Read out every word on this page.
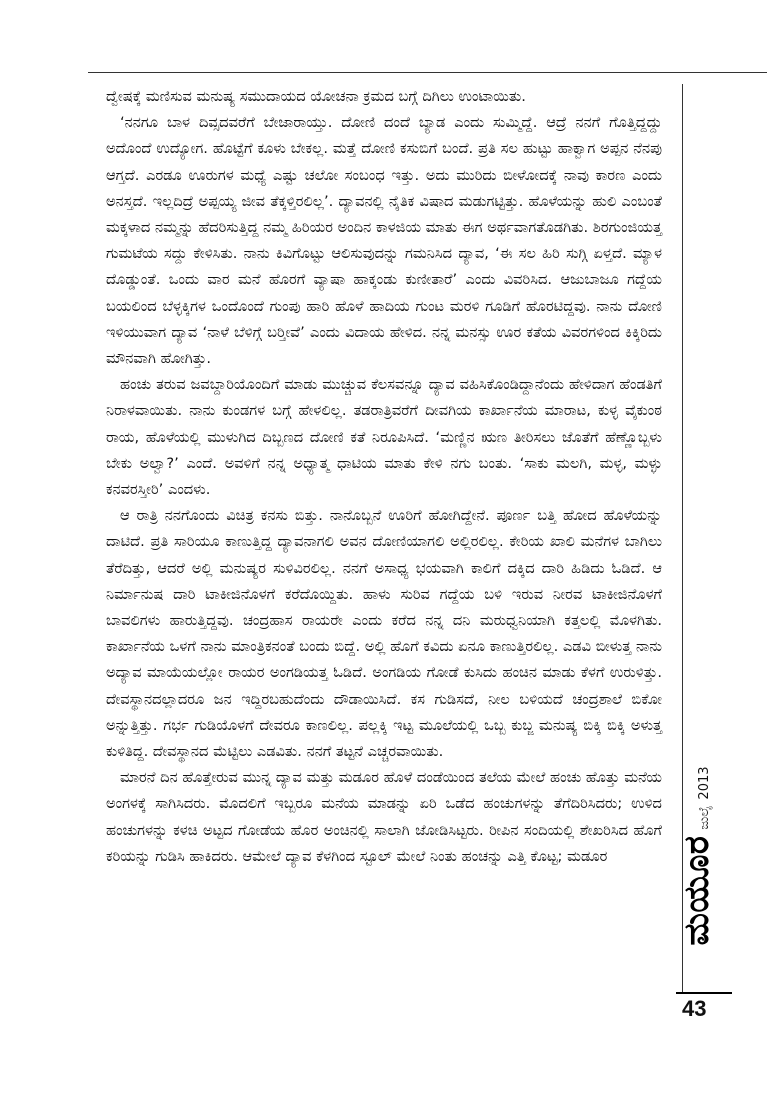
ದ್ವೇಷಕ್ಕೆ ಮಣಿಸುವ ಮನುಷ್ಯ ಸಮುದಾಯದ ಯೋಚನಾ ಕ್ರಮದ ಬಗ್ಗೆ ದಿಗಿಲು ಉಂಟಾಯಿತು.

‘ನನಗೂ ಬಾಳ ದಿವ್ಸದವರೆಗೆ ಬೇಜಾರಾಯ್ತು. ದೋಣಿ ದಂದೆ ಬ್ಯಾಡ ಎಂದು ಸುಮ್ಮಿದ್ದೆ. ಆದ್ರೆ ನನಗೆ ಗೊತ್ತಿದ್ದದ್ದು ಅದೊಂದೆ ಉದ್ಯೋಗ. ಹೊಟ್ಟೆಗೆ ಕೂಳು ಬೇಕಲ್ಲ. ಮತ್ತೆ ದೋಣಿ ಕಸುಬಿಗೆ ಬಂದೆ. ಪ್ರತಿ ಸಲ ಹುಟ್ಟು ಹಾಕ್ವಾಗ ಅಪ್ಪನ ನೆನಪು ಆಗ್ತದೆ. ಎರಡೂ ಊರುಗಳ ಮಧ್ಯೆ ಎಷ್ಟು ಚಲೋ ಸಂಬಂಧ ಇತ್ತು. ಅದು ಮುರಿದು ಬೀಳೋದಕ್ಕೆ ನಾವು ಕಾರಣ ಎಂದು ಅನಸ್ತದೆ. ಇಲ್ಲದಿದ್ರೆ ಅಪ್ಪಯ್ಯ ಜೀವ ತೆಕ್ಕಳ್ತಿರಲಿಲ್ಲ’. ದ್ಯಾವನಲ್ಲಿ ನೈತಿಕ ವಿಷಾದ ಮಡುಗಟ್ಟಿತ್ತು. ಹೊಳೆಯನ್ನು ಹುಲಿ ಎಂಬಂತೆ ಮಕ್ಕಳಾದ ನಮ್ಮನ್ನು ಹೆದರಿಸುತ್ತಿದ್ದ ನಮ್ಮ ಹಿರಿಯರ ಅಂದಿನ ಕಾಳಜಿಯ ಮಾತು ಈಗ ಅರ್ಥವಾಗತೊಡಗಿತು. ಶಿರಗುಂಜಿಯತ್ತ ಗುಮಟೆಯ ಸದ್ದು ಕೇಳಿಸಿತು. ನಾನು ಕಿವಿಗೊಟ್ಟು ಆಲಿಸುವುದನ್ನು ಗಮನಿಸಿದ ದ್ಯಾವ, ‘ಈ ಸಲ ಹಿರಿ ಸುಗ್ಗಿ ಏಳ್ತದೆ. ಮ್ಯಾಳ ದೊಡ್ಡುಂತೆ. ಒಂದು ವಾರ ಮನೆ ಹೊರಗೆ ವ್ಯಾಷಾ ಹಾಕ್ಕಂಡು ಕುಣೀತಾರೆ’ ಎಂದು ವಿವರಿಸಿದ. ಆಜುಬಾಜೂ ಗದ್ದೆಯ ಬಯಲಿಂದ ಬೆಳ್ಳಕ್ಕಿಗಳ ಒಂದೊಂದೆ ಗುಂಪು ಹಾರಿ ಹೊಳೆ ಹಾದಿಯ ಗುಂಟ ಮರಳಿ ಗೂಡಿಗೆ ಹೊರಟಿದ್ದವು. ನಾನು ದೋಣಿ ಇಳಿಯುವಾಗ ದ್ಯಾವ ‘ನಾಳೆ ಬೆಳಿಗ್ಗೆ ಬರ್‍ತೀವೆ’ ಎಂದು ವಿದಾಯ ಹೇಳಿದ. ನನ್ನ ಮನಸ್ಸು ಊರ ಕತೆಯ ವಿವರಗಳಿಂದ ಕಿಕ್ಕಿರಿದು ಮೌನವಾಗಿ ಹೋಗಿತ್ತು.

ಹಂಚು ತರುವ ಜವಬ್ದಾರಿಯೊಂದಿಗೆ ಮಾಡು ಮುಚ್ಚುವ ಕೆಲಸವನ್ನೂ ದ್ಯಾವ ವಹಿಸಿಕೊಂಡಿದ್ದಾನೆಂದು ಹೇಳಿದಾಗ ಹೆಂಡತಿಗೆ ನಿರಾಳವಾಯಿತು. ನಾನು ಕುಂಡಗಳ ಬಗ್ಗೆ ಹೇಳಲಿಲ್ಲ. ತಡರಾತ್ರಿವರೆಗೆ ದೀವಗಿಯ ಕಾರ್ಖಾನೆಯ ಮಾರಾಟ, ಕುಳ್ಳ ವೈಕುಂಠ ರಾಯ, ಹೊಳೆಯಲ್ಲಿ ಮುಳುಗಿದ ದಿಬ್ಬಣದ ದೋಣಿ ಕತೆ ನಿರೂಪಿಸಿದೆ. ‘ಮಣ್ಣಿನ ಋಣ ತೀರಿಸಲು ಜೊತೆಗೆ ಹೆಣ್ಣೊಬ್ಬಳು ಬೇಕು ಅಲ್ವಾ?’ ಎಂದೆ. ಅವಳಿಗೆ ನನ್ನ ಅಧ್ಯಾತ್ಮ ಧಾಟಿಯ ಮಾತು ಕೇಳಿ ನಗು ಬಂತು. ‘ಸಾಕು ಮಲಗಿ, ಮಳ್ಳ, ಮಳ್ಳು ಕನವರಸ್ತೀರಿ’ ಎಂದಳು.

ಆ ರಾತ್ರಿ ನನಗೊಂದು ವಿಚಿತ್ರ ಕನಸು ಬಿತ್ತು. ನಾನೊಬ್ಬನೆ ಊರಿಗೆ ಹೋಗಿದ್ದೇನೆ. ಪೂರ್ಣ ಬತ್ತಿ ಹೋದ ಹೊಳೆಯನ್ನು ದಾಟಿದೆ. ಪ್ರತಿ ಸಾರಿಯೂ ಕಾಣುತ್ತಿದ್ದ ದ್ಯಾವನಾಗಲಿ ಅವನ ದೋಣಿಯಾಗಲಿ ಅಲ್ಲಿರಲಿಲ್ಲ. ಕೇರಿಯ ಖಾಲಿ ಮನೆಗಳ ಬಾಗಿಲು ತೆರೆದಿತ್ತು, ಆದರೆ ಅಲ್ಲಿ ಮನುಷ್ಯರ ಸುಳಿವಿರಲಿಲ್ಲ. ನನಗೆ ಅಸಾಧ್ಯ ಭಯವಾಗಿ ಕಾಲಿಗೆ ದಕ್ಕಿದ ದಾರಿ ಹಿಡಿದು ಓಡಿದೆ. ಆ ನಿರ್ಮಾನುಷ ದಾರಿ ಟಾಕೀಜಿನೊಳಗೆ ಕರೆದೊಯ್ದಿತು. ಹಾಳು ಸುರಿವ ಗದ್ದೆಯ ಬಳಿ ಇರುವ ನೀರವ ಟಾಕೀಜಿನೊಳಗೆ ಬಾವಲಿಗಳು ಹಾರುತ್ತಿದ್ದವು. ಚಂದ್ರಹಾಸ ರಾಯರೇ ಎಂದು ಕರೆದ ನನ್ನ ದನಿ ಮರುಧ್ವನಿಯಾಗಿ ಕತ್ತಲಲ್ಲಿ ಮೊಳಗಿತು. ಕಾರ್ಖಾನೆಯ ಒಳಗೆ ನಾನು ಮಾಂತ್ರಿಕನಂತೆ ಬಂದು ಬಿದ್ದೆ. ಅಲ್ಲಿ ಹೊಗೆ ಕವಿದು ಏನೂ ಕಾಣುತ್ತಿರಲಿಲ್ಲ. ಎಡವಿ ಬೀಳುತ್ತ ನಾನು ಅದ್ಯಾವ ಮಾಯೆಯಲ್ಲೋ ರಾಯರ ಅಂಗಡಿಯತ್ತ ಓಡಿದೆ. ಅಂಗಡಿಯ ಗೋಡೆ ಕುಸಿದು ಹಂಚಿನ ಮಾಡು ಕೆಳಗೆ ಉರುಳಿತ್ತು. ದೇವಸ್ಥಾನದಲ್ಲಾದರೂ ಜನ ಇದ್ದಿರಬಹುದೆಂದು ದೌಡಾಯಿಸಿದೆ. ಕಸ ಗುಡಿಸದೆ, ನೀಲ ಬಳಿಯದೆ ಚಂದ್ರಶಾಲೆ ಬಿಕೋ ಅನ್ನುತ್ತಿತ್ತು. ಗರ್ಭ ಗುಡಿಯೊಳಗೆ ದೇವರೂ ಕಾಣಲಿಲ್ಲ. ಪಲ್ಲಕ್ಕಿ ಇಟ್ಟ ಮೂಲೆಯಲ್ಲಿ ಒಬ್ಬ ಕುಬ್ಜ ಮನುಷ್ಯ ಬಿಕ್ಕಿ ಬಿಕ್ಕಿ ಅಳುತ್ತ ಕುಳಿತಿದ್ದ. ದೇವಸ್ಥಾನದ ಮೆಟ್ಟಿಲು ಎಡವಿತು. ನನಗೆ ತಟ್ಟನೆ ಎಚ್ಚರವಾಯಿತು.

ಮಾರನೆ ದಿನ ಹೊತ್ತೇರುವ ಮುನ್ನ ದ್ಯಾವ ಮತ್ತು ಮಡೂರ ಹೊಳೆ ದಂಡೆಯಿಂದ ತಲೆಯ ಮೇಲೆ ಹಂಚು ಹೊತ್ತು ಮನೆಯ ಅಂಗಳಕ್ಕೆ ಸಾಗಿಸಿದರು. ಮೊದಲಿಗೆ ಇಬ್ಬರೂ ಮನೆಯ ಮಾಡನ್ನು ಏರಿ ಒಡೆದ ಹಂಚುಗಳನ್ನು ತೆಗೆದಿರಿಸಿದರು; ಉಳಿದ ಹಂಚುಗಳನ್ನು ಕಳಚಿ ಅಟ್ಟದ ಗೋಡೆಯ ಹೊರ ಅಂಚಿನಲ್ಲಿ ಸಾಲಾಗಿ ಜೋಡಿಸಿಟ್ಟರು. ರೀಪಿನ ಸಂದಿಯಲ್ಲಿ ಶೇಖರಿಸಿದ ಹೊಗೆ ಕರಿಯನ್ನು ಗುಡಿಸಿ ಹಾಕಿದರು. ಆಮೇಲೆ ದ್ಯಾವ ಕೆಳಗಿಂದ ಸ್ಟೂಲ್ ಮೇಲೆ ನಿಂತು ಹಂಚನ್ನು ಎತ್ತಿ ಕೊಟ್ಟ; ಮಡೂರ	ಮಯೂರ
ಜುಲೈ
2013
43
